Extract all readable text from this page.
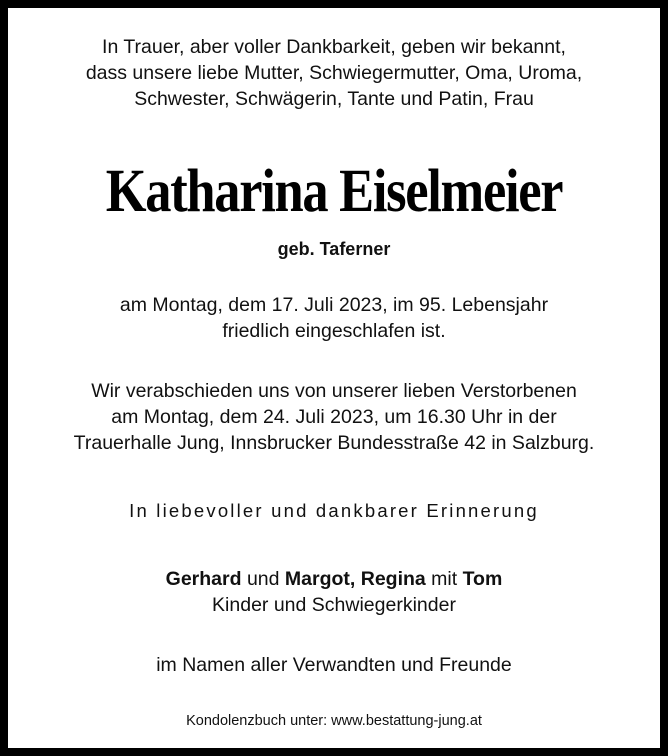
In Trauer, aber voller Dankbarkeit, geben wir bekannt,
dass unsere liebe Mutter, Schwiegermutter, Oma, Uroma,
Schwester, Schwägerin, Tante und Patin, Frau
Katharina Eiselmeier
geb. Taferner
am Montag, dem 17. Juli 2023, im 95. Lebensjahr
friedlich eingeschlafen ist.
Wir verabschieden uns von unserer lieben Verstorbenen
am Montag, dem 24. Juli 2023, um 16.30 Uhr in der
Trauerhalle Jung, Innsbrucker Bundesstraße 42 in Salzburg.
In liebevoller und dankbarer Erinnerung
Gerhard und Margot, Regina mit Tom
Kinder und Schwiegerkinder
im Namen aller Verwandten und Freunde
Kondolenzbuch unter: www.bestattung-jung.at
